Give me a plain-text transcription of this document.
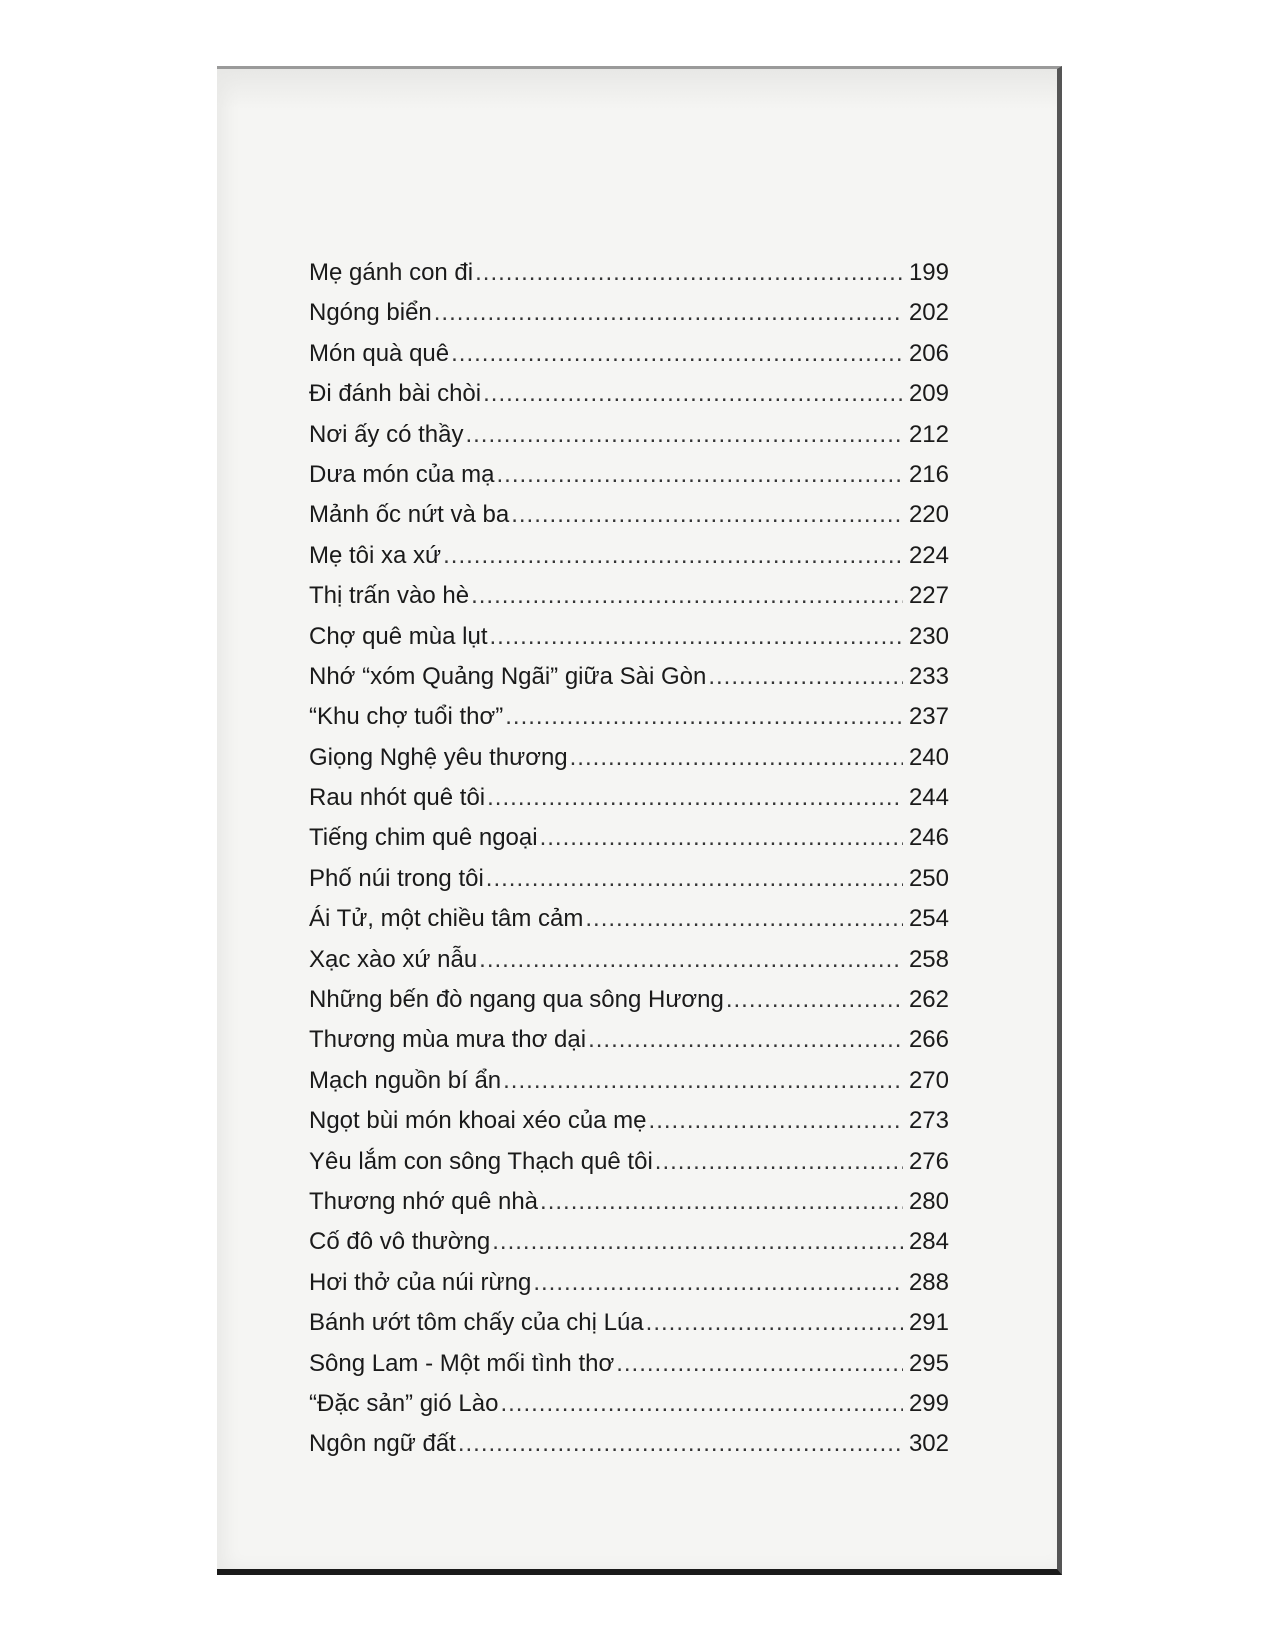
Mẹ gánh con đi .....	199
Ngóng biển .....	202
Món quà quê .....	206
Đi đánh bài chòi .....	209
Nơi ấy có thầy .....	212
Dưa món của mạ .....	216
Mảnh ốc nứt và ba .....	220
Mẹ tôi xa xứ .....	224
Thị trấn vào hè .....	227
Chợ quê mùa lụt .....	230
Nhớ “xóm Quảng Ngãi” giữa Sài Gòn .....	233
“Khu chợ tuổi thơ” .....	237
Giọng Nghệ yêu thương .....	240
Rau nhót quê tôi .....	244
Tiếng chim quê ngoại .....	246
Phố núi trong tôi .....	250
Ái Tử, một chiều tâm cảm .....	254
Xạc xào xứ nẫu .....	258
Những bến đò ngang qua sông Hương .....	262
Thương mùa mưa thơ dại .....	266
Mạch nguồn bí ẩn .....	270
Ngọt bùi món khoai xéo của mẹ .....	273
Yêu lắm con sông Thạch quê tôi .....	276
Thương nhớ quê nhà .....	280
Cố đô vô thường .....	284
Hơi thở của núi rừng .....	288
Bánh ướt tôm chấy của chị Lúa .....	291
Sông Lam - Một mối tình thơ .....	295
“Đặc sản” gió Lào .....	299
Ngôn ngữ đất .....	302
